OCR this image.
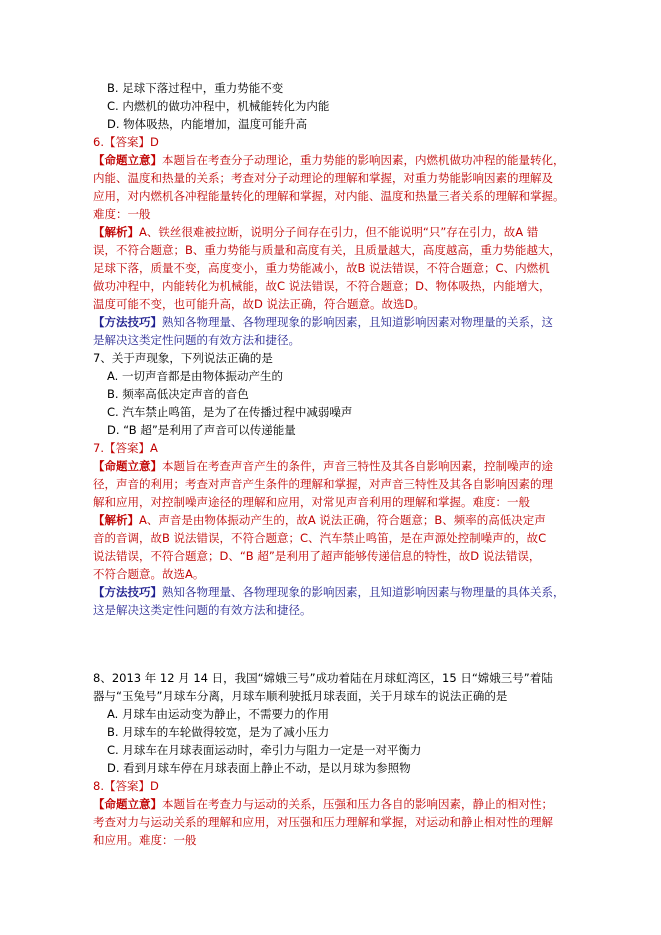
B. 足球下落过程中，重力势能不变
C. 内燃机的做功冲程中，机械能转化为内能
D. 物体吸热，内能增加，温度可能升高
6.【答案】D
【命题立意】本题旨在考查分子动理论，重力势能的影响因素，内燃机做功冲程的能量转化，
内能、温度和热量的关系；考查对分子动理论的理解和掌握，对重力势能影响因素的理解及
应用，对内燃机各冲程能量转化的理解和掌握，对内能、温度和热量三者关系的理解和掌握。
难度：一般
【解析】A、铁丝很难被拉断，说明分子间存在引力，但不能说明“只”存在引力，故A 错
误，不符合题意；B、重力势能与质量和高度有关，且质量越大，高度越高，重力势能越大，
足球下落，质量不变，高度变小，重力势能减小，故B 说法错误，不符合题意；C、内燃机
做功冲程中，内能转化为机械能，故C 说法错误，不符合题意；D、物体吸热，内能增大，
温度可能不变，也可能升高，故D 说法正确，符合题意。故选D。
【方法技巧】熟知各物理量、各物理现象的影响因素，且知道影响因素对物理量的关系，这
是解决这类定性问题的有效方法和捷径。
7、关于声现象，下列说法正确的是
A. 一切声音都是由物体振动产生的
B. 频率高低决定声音的音色
C. 汽车禁止鸣笛，是为了在传播过程中减弱噪声
D. “B 超”是利用了声音可以传递能量
7.【答案】A
【命题立意】本题旨在考查声音产生的条件，声音三特性及其各自影响因素，控制噪声的途
径，声音的利用；考查对声音产生条件的理解和掌握，对声音三特性及其各自影响因素的理
解和应用，对控制噪声途径的理解和应用，对常见声音利用的理解和掌握。难度：一般
【解析】A、声音是由物体振动产生的，故A 说法正确，符合题意；B、频率的高低决定声
音的音调，故B 说法错误，不符合题意；C、汽车禁止鸣笛，是在声源处控制噪声的，故C
说法错误，不符合题意；D、“B 超”是利用了超声能够传递信息的特性，故D 说法错误，
不符合题意。故选A。
【方法技巧】熟知各物理量、各物理现象的影响因素，且知道影响因素与物理量的具体关系，
这是解决这类定性问题的有效方法和捷径。
8、2013 年 12 月 14 日，我国“嫦娥三号”成功着陆在月球虹湾区，15 日“嫦娥三号”着陆
器与“玉兔号”月球车分离，月球车顺利驶抵月球表面，关于月球车的说法正确的是
A. 月球车由运动变为静止，不需要力的作用
B. 月球车的车轮做得较宽，是为了减小压力
C. 月球车在月球表面运动时，牵引力与阻力一定是一对平衡力
D. 看到月球车停在月球表面上静止不动，是以月球为参照物
8.【答案】D
【命题立意】本题旨在考查力与运动的关系，压强和压力各自的影响因素，静止的相对性；
考查对力与运动关系的理解和应用，对压强和压力理解和掌握，对运动和静止相对性的理解
和应用。难度：一般
